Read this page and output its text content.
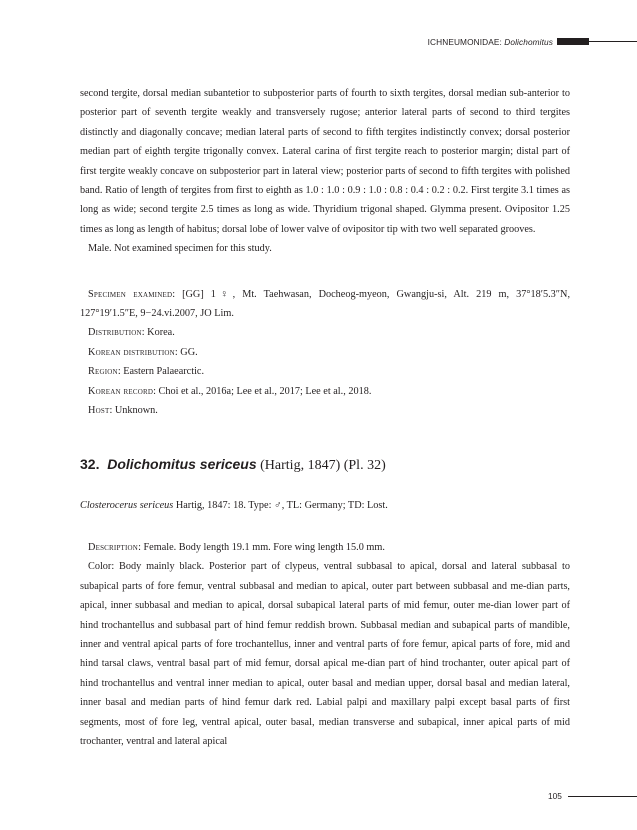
ICHNEUMONIDAE: Dolichomitus

second tergite, dorsal median subantetior to subposterior parts of fourth to sixth tergites, dorsal median sub-anterior to posterior part of seventh tergite weakly and transversely rugose; anterior lateral parts of second to third tergites distinctly and diagonally concave; median lateral parts of second to fifth tergites indistinctly convex; dorsal posterior median part of eighth tergite trigonally convex. Lateral carina of first tergite reach to posterior margin; distal part of first tergite weakly concave on subposterior part in lateral view; posterior parts of second to fifth tergites with polished band. Ratio of length of tergites from first to eighth as 1.0 : 1.0 : 0.9 : 1.0 : 0.8 : 0.4 : 0.2 : 0.2. First tergite 3.1 times as long as wide; second tergite 2.5 times as long as wide. Thyridium trigonal shaped. Glymma present. Ovipositor 1.25 times as long as length of habitus; dorsal lobe of lower valve of ovipositor tip with two well separated grooves.

Male. Not examined specimen for this study.

Specimen examined: [GG] 1♀, Mt. Taehwasan, Docheog-myeon, Gwangju-si, Alt. 219 m, 37°18′5.3″N, 127°19′1.5″E, 9−24.vi.2007, JO Lim.

Distribution: Korea.

Korean distribution: GG.

Region: Eastern Palaearctic.

Korean record: Choi et al., 2016a; Lee et al., 2017; Lee et al., 2018.

Host: Unknown.

32. Dolichomitus sericeus (Hartig, 1847) (Pl. 32)

Closterocerus sericeus Hartig, 1847: 18. Type: ♂, TL: Germany; TD: Lost.

Description: Female. Body length 19.1 mm. Fore wing length 15.0 mm.

Color: Body mainly black. Posterior part of clypeus, ventral subbasal to apical, dorsal and lateral subbasal to subapical parts of fore femur, ventral subbasal and median to apical, outer part between subbasal and me-dian parts, apical, inner subbasal and median to apical, dorsal subapical lateral parts of mid femur, outer me-dian lower part of hind trochantellus and subbasal part of hind femur reddish brown. Subbasal median and subapical parts of mandible, inner and ventral apical parts of fore trochantellus, inner and ventral parts of fore femur, apical parts of fore, mid and hind tarsal claws, ventral basal part of mid femur, dorsal apical me-dian part of hind trochanter, outer apical part of hind trochantellus and ventral inner median to apical, outer basal and median upper, dorsal basal and median lateral, inner basal and median parts of hind femur dark red. Labial palpi and maxillary palpi except basal parts of first segments, most of fore leg, ventral apical, outer basal, median transverse and subapical, inner apical parts of mid trochanter, ventral and lateral apical

105
